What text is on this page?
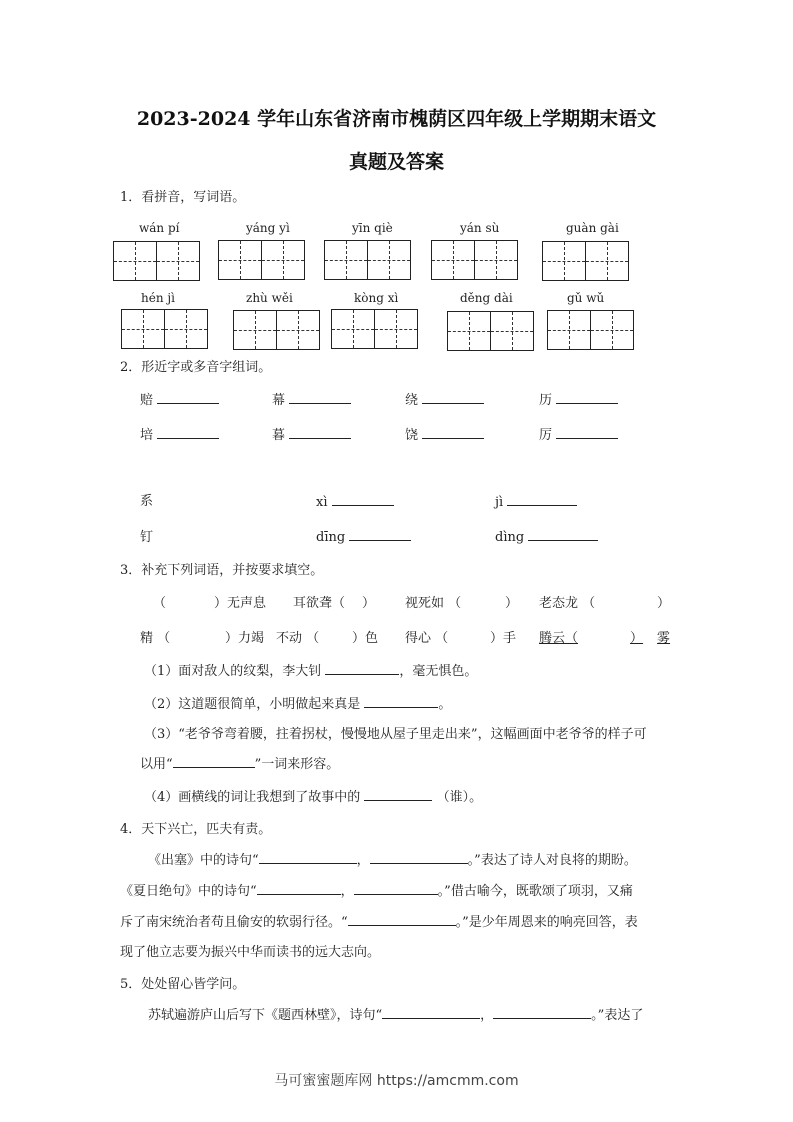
2023-2024 学年山东省济南市槐荫区四年级上学期期末语文
真题及答案
1．看拼音，写词语。
wán pí	yáng yì	yīn qiè	yán sù	guàn gài
hén jì	zhù wěi	kòng xì	děng dài	gǔ wǔ
2．形近字或多音字组词。
赔	幕	绕	历
培	暮	饶	厉
系	xì	jì
钉	dīng	dìng
3．补充下列词语，并按要求填空。
（	）无声息 耳欲聋（ ） 视死如 （	） 老态龙 （	）
精 （	）力竭 不动 （	）色 得心 （	）手 腾云（	） 雾
（1）面对敌人的纹梨，李大钊	，毫无惧色。
（2）这道题很简单，小明做起来真是	。
（3）“老爷爷弯着腰，拄着拐杖，慢慢地从屋子里走出来”，这幅画面中老爷爷的样子可
以用“	”一词来形容。
（4）画横线的词让我想到了故事中的	（谁）。
4．天下兴亡，匹夫有责。
《出塞》中的诗句“	，	。”表达了诗人对良将的期盼。
《夏日绝句》中的诗句“	，	。”借古喻今，既歌颂了项羽，又痛
斥了南宋统治者苟且偷安的软弱行径。“	。”是少年周恩来的响亮回答，表
现了他立志要为振兴中华而读书的远大志向。
5．处处留心皆学问。
苏轼遍游庐山后写下《题西林壁》，诗句“	，	。”表达了
马可蜜蜜题库网 https://amcmm.com
